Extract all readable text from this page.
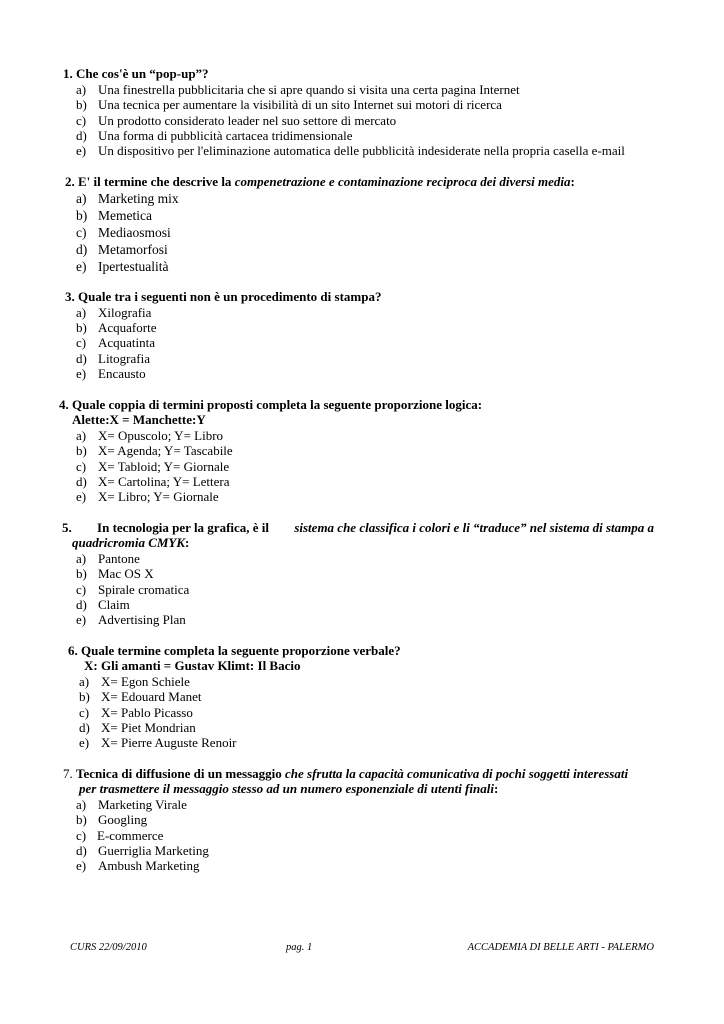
1. Che cos'è un “pop-up”?
a) Una finestrella pubblicitaria che si apre quando si visita una certa pagina Internet
b) Una tecnica per aumentare la visibilità di un sito Internet sui motori di ricerca
c) Un prodotto considerato leader nel suo settore di mercato
d) Una forma di pubblicità cartacea tridimensionale
e) Un dispositivo per l'eliminazione automatica delle pubblicità indesiderate nella propria casella e-mail
2. E' il termine che descrive la compenetrazione e contaminazione reciproca dei diversi media:
a) Marketing mix
b) Memetica
c) Mediaosmosi
d) Metamorfosi
e) Ipertestualità
3. Quale tra i seguenti non è un procedimento di stampa?
a) Xilografia
b) Acquaforte
c) Acquatinta
d) Litografia
e) Encausto
4. Quale coppia di termini proposti completa la seguente proporzione logica:
Alette:X = Manchette:Y
a) X= Opuscolo; Y= Libro
b) X= Agenda; Y= Tascabile
c) X= Tabloid; Y= Giornale
d) X= Cartolina; Y= Lettera
e) X= Libro; Y= Giornale
5. In tecnologia per la grafica, è il sistema che classifica i colori e li “traduce” nel sistema di stampa a
quadricromia CMYK:
a) Pantone
b) Mac OS X
c) Spirale cromatica
d) Claim
e) Advertising Plan
6. Quale termine completa la seguente proporzione verbale?
X: Gli amanti = Gustav Klimt: Il Bacio
a) X= Egon Schiele
b) X= Edouard Manet
c) X= Pablo Picasso
d) X= Piet Mondrian
e) X= Pierre Auguste Renoir
7. Tecnica di diffusione di un messaggio che sfrutta la capacità comunicativa di pochi soggetti interessati
per trasmettere il messaggio stesso ad un numero esponenziale di utenti finali:
a) Marketing Virale
b) Googling
c) E-commerce
d) Guerriglia Marketing
e) Ambush Marketing
CURS 22/09/2010	pag. 1	ACCADEMIA DI BELLE ARTI - PALERMO
